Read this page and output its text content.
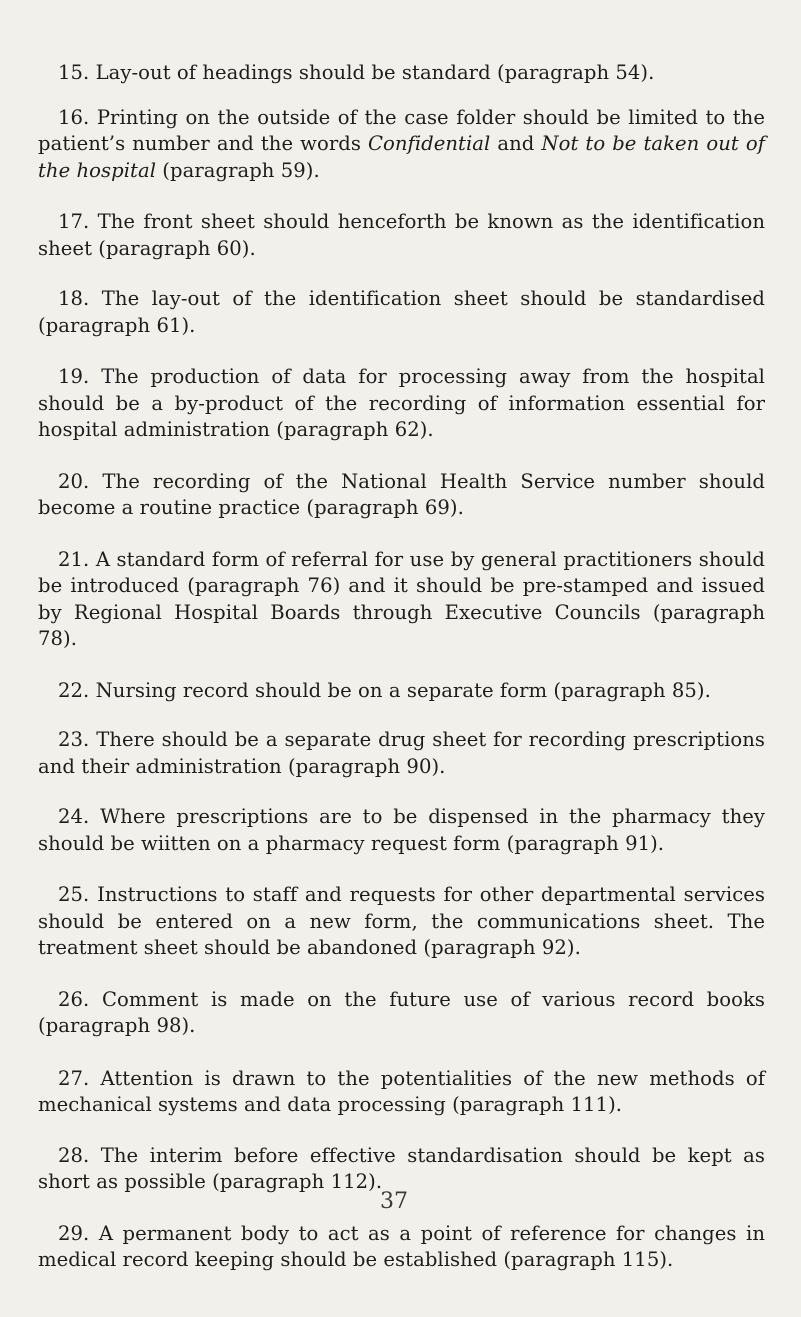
15. Lay-out of headings should be standard (paragraph 54).

16. Printing on the outside of the case folder should be limited to the patient’s number and the words Confidential and Not to be taken out of the hospital (paragraph 59).

17. The front sheet should henceforth be known as the identification sheet (paragraph 60).

18. The lay-out of the identification sheet should be standardised (paragraph 61).

19. The production of data for processing away from the hospital should be a by-product of the recording of information essential for hospital administration (paragraph 62).

20. The recording of the National Health Service number should become a routine practice (paragraph 69).

21. A standard form of referral for use by general practitioners should be introduced (paragraph 76) and it should be pre-stamped and issued by Regional Hospital Boards through Executive Councils (paragraph 78).

22. Nursing record should be on a separate form (paragraph 85).

23. There should be a separate drug sheet for recording prescriptions and their administration (paragraph 90).

24. Where prescriptions are to be dispensed in the pharmacy they should be wiitten on a pharmacy request form (paragraph 91).

25. Instructions to staff and requests for other departmental services should be entered on a new form, the communications sheet. The treatment sheet should be abandoned (paragraph 92).

26. Comment is made on the future use of various record books (paragraph 98).

27. Attention is drawn to the potentialities of the new methods of mechanical systems and data processing (paragraph 111).

28. The interim before effective standardisation should be kept as short as possible (paragraph 112).

29. A permanent body to act as a point of reference for changes in medical record keeping should be established (paragraph 115).

37
